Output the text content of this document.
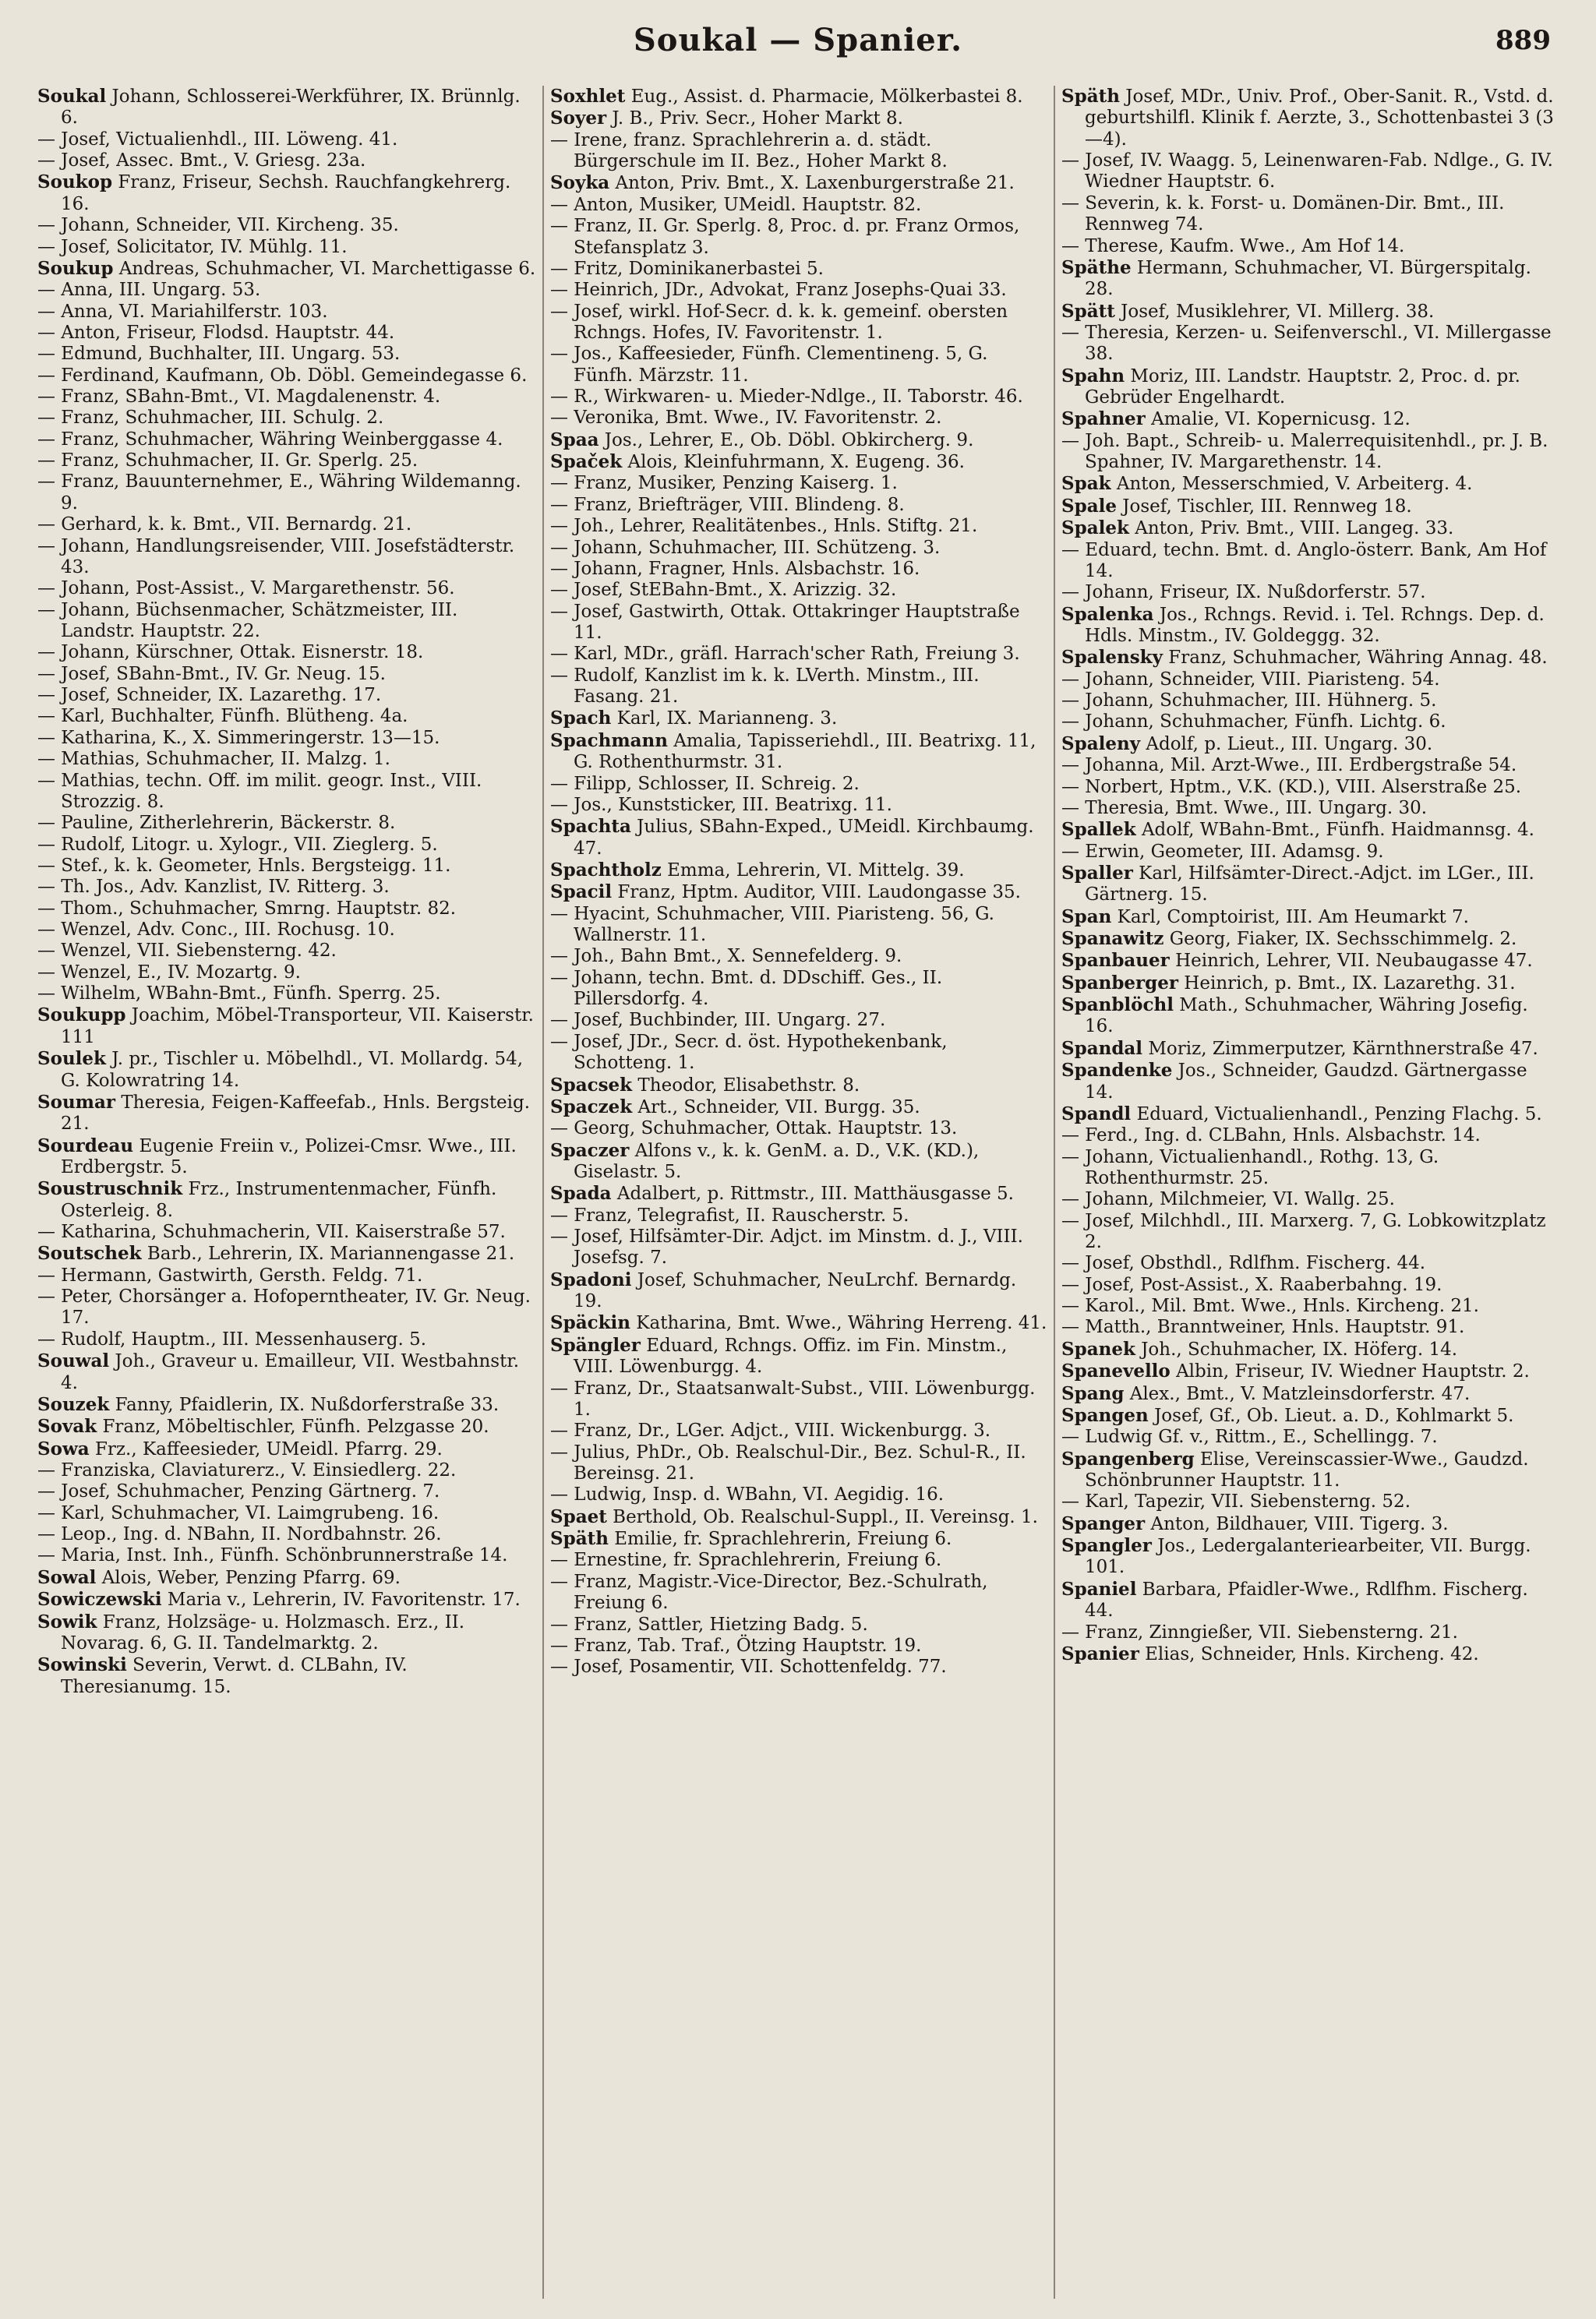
Soukal — Spanier.	889

Soukal Johann, Schlosserei-Werkführer, IX. Brünnlg. 6.

— Josef, Victualienhdl., III. Löweng. 41.

— Josef, Assec. Bmt., V. Griesg. 23a.

Soukop Franz, Friseur, Sechsh. Rauchfangkehrerg. 16.

— Johann, Schneider, VII. Kircheng. 35.

— Josef, Solicitator, IV. Mühlg. 11.

Soukup Andreas, Schuhmacher, VI. Marchettigasse 6.

— Anna, III. Ungarg. 53.

— Anna, VI. Mariahilferstr. 103.

— Anton, Friseur, Flodsd. Hauptstr. 44.

— Edmund, Buchhalter, III. Ungarg. 53.

— Ferdinand, Kaufmann, Ob. Döbl. Gemeindegasse 6.

— Franz, SBahn-Bmt., VI. Magdalenenstr. 4.

— Franz, Schuhmacher, III. Schulg. 2.

— Franz, Schuhmacher, Währing Weinberggasse 4.

— Franz, Schuhmacher, II. Gr. Sperlg. 25.

— Franz, Bauunternehmer, E., Währing Wildemanng. 9.

— Gerhard, k. k. Bmt., VII. Bernardg. 21.

— Johann, Handlungsreisender, VIII. Josefstädterstr. 43.

— Johann, Post-Assist., V. Margarethenstr. 56.

— Johann, Büchsenmacher, Schätzmeister, III. Landstr. Hauptstr. 22.

— Johann, Kürschner, Ottak. Eisnerstr. 18.

— Josef, SBahn-Bmt., IV. Gr. Neug. 15.

— Josef, Schneider, IX. Lazarethg. 17.

— Karl, Buchhalter, Fünfh. Blütheng. 4a.

— Katharina, K., X. Simmeringerstr. 13—15.

— Mathias, Schuhmacher, II. Malzg. 1.

— Mathias, techn. Off. im milit. geogr. Inst., VIII. Strozzig. 8.

— Pauline, Zitherlehrerin, Bäckerstr. 8.

— Rudolf, Litogr. u. Xylogr., VII. Zieglerg. 5.

— Stef., k. k. Geometer, Hnls. Bergsteigg. 11.

— Th. Jos., Adv. Kanzlist, IV. Ritterg. 3.

— Thom., Schuhmacher, Smrng. Hauptstr. 82.

— Wenzel, Adv. Conc., III. Rochusg. 10.

— Wenzel, VII. Siebensterng. 42.

— Wenzel, E., IV. Mozartg. 9.

— Wilhelm, WBahn-Bmt., Fünfh. Sperrg. 25.

Soukupp Joachim, Möbel-Transporteur, VII. Kaiserstr. 111

Soulek J. pr., Tischler u. Möbelhdl., VI. Mollardg. 54, G. Kolowratring 14.

Soumar Theresia, Feigen-Kaffeefab., Hnls. Bergsteig. 21.

Sourdeau Eugenie Freiin v., Polizei-Cmsr. Wwe., III. Erdbergstr. 5.

Soustruschnik Frz., Instrumentenmacher, Fünfh. Osterleig. 8.

— Katharina, Schuhmacherin, VII. Kaiserstraße 57.

Soutschek Barb., Lehrerin, IX. Mariannengasse 21.

— Hermann, Gastwirth, Gersth. Feldg. 71.

— Peter, Chorsänger a. Hofoperntheater, IV. Gr. Neug. 17.

— Rudolf, Hauptm., III. Messenhauserg. 5.

Souwal Joh., Graveur u. Emailleur, VII. Westbahnstr. 4.

Souzek Fanny, Pfaidlerin, IX. Nußdorferstraße 33.

Sovak Franz, Möbeltischler, Fünfh. Pelzgasse 20.

Sowa Frz., Kaffeesieder, UMeidl. Pfarrg. 29.

— Franziska, Claviaturerz., V. Einsiedlerg. 22.

— Josef, Schuhmacher, Penzing Gärtnerg. 7.

— Karl, Schuhmacher, VI. Laimgrubeng. 16.

— Leop., Ing. d. NBahn, II. Nordbahnstr. 26.

— Maria, Inst. Inh., Fünfh. Schönbrunnerstraße 14.

Sowal Alois, Weber, Penzing Pfarrg. 69.

Sowiczewski Maria v., Lehrerin, IV. Favoritenstr. 17.

Sowik Franz, Holzsäge- u. Holzmasch. Erz., II. Novarag. 6, G. II. Tandelmarktg. 2.

Sowinski Severin, Verwt. d. CLBahn, IV. Theresianumg. 15.

Soxhlet Eug., Assist. d. Pharmacie, Mölkerbastei 8.

Soyer J. B., Priv. Secr., Hoher Markt 8.

— Irene, franz. Sprachlehrerin a. d. städt. Bürgerschule im II. Bez., Hoher Markt 8.

Soyka Anton, Priv. Bmt., X. Laxenburgerstraße 21.

— Anton, Musiker, UMeidl. Hauptstr. 82.

— Franz, II. Gr. Sperlg. 8, Proc. d. pr. Franz Ormos, Stefansplatz 3.

— Fritz, Dominikanerbastei 5.

— Heinrich, JDr., Advokat, Franz Josephs-Quai 33.

— Josef, wirkl. Hof-Secr. d. k. k. gemeinf. obersten Rchngs. Hofes, IV. Favoritenstr. 1.

— Jos., Kaffeesieder, Fünfh. Clementineng. 5, G. Fünfh. Märzstr. 11.

— R., Wirkwaren- u. Mieder-Ndlge., II. Taborstr. 46.

— Veronika, Bmt. Wwe., IV. Favoritenstr. 2.

Spaa Jos., Lehrer, E., Ob. Döbl. Obkircherg. 9.

Spaček Alois, Kleinfuhrmann, X. Eugeng. 36.

— Franz, Musiker, Penzing Kaiserg. 1.

— Franz, Briefträger, VIII. Blindeng. 8.

— Joh., Lehrer, Realitätenbes., Hnls. Stiftg. 21.

— Johann, Schuhmacher, III. Schützeng. 3.

— Johann, Fragner, Hnls. Alsbachstr. 16.

— Josef, StEBahn-Bmt., X. Arizzig. 32.

— Josef, Gastwirth, Ottak. Ottakringer Hauptstraße 11.

— Karl, MDr., gräfl. Harrach'scher Rath, Freiung 3.

— Rudolf, Kanzlist im k. k. LVerth. Minstm., III. Fasang. 21.

Spach Karl, IX. Marianneng. 3.

Spachmann Amalia, Tapisseriehdl., III. Beatrixg. 11, G. Rothenthurmstr. 31.

— Filipp, Schlosser, II. Schreig. 2.

— Jos., Kunststicker, III. Beatrixg. 11.

Spachta Julius, SBahn-Exped., UMeidl. Kirchbaumg. 47.

Spachtholz Emma, Lehrerin, VI. Mittelg. 39.

Spacil Franz, Hptm. Auditor, VIII. Laudongasse 35.

— Hyacint, Schuhmacher, VIII. Piaristeng. 56, G. Wallnerstr. 11.

— Joh., Bahn Bmt., X. Sennefelderg. 9.

— Johann, techn. Bmt. d. DDschiff. Ges., II. Pillersdorfg. 4.

— Josef, Buchbinder, III. Ungarg. 27.

— Josef, JDr., Secr. d. öst. Hypothekenbank, Schotteng. 1.

Spacsek Theodor, Elisabethstr. 8.

Spaczek Art., Schneider, VII. Burgg. 35.

— Georg, Schuhmacher, Ottak. Hauptstr. 13.

Spaczer Alfons v., k. k. GenM. a. D., V.K. (KD.), Giselastr. 5.

Spada Adalbert, p. Rittmstr., III. Matthäusgasse 5.

— Franz, Telegrafist, II. Rauscherstr. 5.

— Josef, Hilfsämter-Dir. Adjct. im Minstm. d. J., VIII. Josefsg. 7.

Spadoni Josef, Schuhmacher, NeuLrchf. Bernardg. 19.

Späckin Katharina, Bmt. Wwe., Währing Herreng. 41.

Spängler Eduard, Rchngs. Offiz. im Fin. Minstm., VIII. Löwenburgg. 4.

— Franz, Dr., Staatsanwalt-Subst., VIII. Löwenburgg. 1.

— Franz, Dr., LGer. Adjct., VIII. Wickenburgg. 3.

— Julius, PhDr., Ob. Realschul-Dir., Bez. Schul-R., II. Bereinsg. 21.

— Ludwig, Insp. d. WBahn, VI. Aegidig. 16.

Spaet Berthold, Ob. Realschul-Suppl., II. Vereinsg. 1.

Späth Emilie, fr. Sprachlehrerin, Freiung 6.

— Ernestine, fr. Sprachlehrerin, Freiung 6.

— Franz, Magistr.-Vice-Director, Bez.-Schulrath, Freiung 6.

— Franz, Sattler, Hietzing Badg. 5.

— Franz, Tab. Traf., Ötzing Hauptstr. 19.

— Josef, Posamentir, VII. Schottenfeldg. 77.

Späth Josef, MDr., Univ. Prof., Ober-Sanit. R., Vstd. d. geburtshilfl. Klinik f. Aerzte, 3., Schottenbastei 3 (3—4).

— Josef, IV. Waagg. 5, Leinenwaren-Fab. Ndlge., G. IV. Wiedner Hauptstr. 6.

— Severin, k. k. Forst- u. Domänen-Dir. Bmt., III. Rennweg 74.

— Therese, Kaufm. Wwe., Am Hof 14.

Späthe Hermann, Schuhmacher, VI. Bürgerspitalg. 28.

Spätt Josef, Musiklehrer, VI. Millerg. 38.

— Theresia, Kerzen- u. Seifenverschl., VI. Millergasse 38.

Spahn Moriz, III. Landstr. Hauptstr. 2, Proc. d. pr. Gebrüder Engelhardt.

Spahner Amalie, VI. Kopernicusg. 12.

— Joh. Bapt., Schreib- u. Malerrequisitenhdl., pr. J. B. Spahner, IV. Margarethenstr. 14.

Spak Anton, Messerschmied, V. Arbeiterg. 4.

Spale Josef, Tischler, III. Rennweg 18.

Spalek Anton, Priv. Bmt., VIII. Langeg. 33.

— Eduard, techn. Bmt. d. Anglo-österr. Bank, Am Hof 14.

— Johann, Friseur, IX. Nußdorferstr. 57.

Spalenka Jos., Rchngs. Revid. i. Tel. Rchngs. Dep. d. Hdls. Minstm., IV. Goldeggg. 32.

Spalensky Franz, Schuhmacher, Währing Annag. 48.

— Johann, Schneider, VIII. Piaristeng. 54.

— Johann, Schuhmacher, III. Hühnerg. 5.

— Johann, Schuhmacher, Fünfh. Lichtg. 6.

Spaleny Adolf, p. Lieut., III. Ungarg. 30.

— Johanna, Mil. Arzt-Wwe., III. Erdbergstraße 54.

— Norbert, Hptm., V.K. (KD.), VIII. Alserstraße 25.

— Theresia, Bmt. Wwe., III. Ungarg. 30.

Spallek Adolf, WBahn-Bmt., Fünfh. Haidmannsg. 4.

— Erwin, Geometer, III. Adamsg. 9.

Spaller Karl, Hilfsämter-Direct.-Adjct. im LGer., III. Gärtnerg. 15.

Span Karl, Comptoirist, III. Am Heumarkt 7.

Spanawitz Georg, Fiaker, IX. Sechsschimmelg. 2.

Spanbauer Heinrich, Lehrer, VII. Neubaugasse 47.

Spanberger Heinrich, p. Bmt., IX. Lazarethg. 31.

Spanblöchl Math., Schuhmacher, Währing Josefig. 16.

Spandal Moriz, Zimmerputzer, Kärnthnerstraße 47.

Spandenke Jos., Schneider, Gaudzd. Gärtnergasse 14.

Spandl Eduard, Victualienhandl., Penzing Flachg. 5.

— Ferd., Ing. d. CLBahn, Hnls. Alsbachstr. 14.

— Johann, Victualienhandl., Rothg. 13, G. Rothenthurmstr. 25.

— Johann, Milchmeier, VI. Wallg. 25.

— Josef, Milchhdl., III. Marxerg. 7, G. Lobkowitzplatz 2.

— Josef, Obsthdl., Rdlfhm. Fischerg. 44.

— Josef, Post-Assist., X. Raaberbahng. 19.

— Karol., Mil. Bmt. Wwe., Hnls. Kircheng. 21.

— Matth., Branntweiner, Hnls. Hauptstr. 91.

Spanek Joh., Schuhmacher, IX. Höferg. 14.

Spanevello Albin, Friseur, IV. Wiedner Hauptstr. 2.

Spang Alex., Bmt., V. Matzleinsdorferstr. 47.

Spangen Josef, Gf., Ob. Lieut. a. D., Kohlmarkt 5.

— Ludwig Gf. v., Rittm., E., Schellingg. 7.

Spangenberg Elise, Vereinscassier-Wwe., Gaudzd. Schönbrunner Hauptstr. 11.

— Karl, Tapezir, VII. Siebensterng. 52.

Spanger Anton, Bildhauer, VIII. Tigerg. 3.

Spangler Jos., Ledergalanteriearbeiter, VII. Burgg. 101.

Spaniel Barbara, Pfaidler-Wwe., Rdlfhm. Fischerg. 44.

— Franz, Zinngießer, VII. Siebensterng. 21.

Spanier Elias, Schneider, Hnls. Kircheng. 42.
